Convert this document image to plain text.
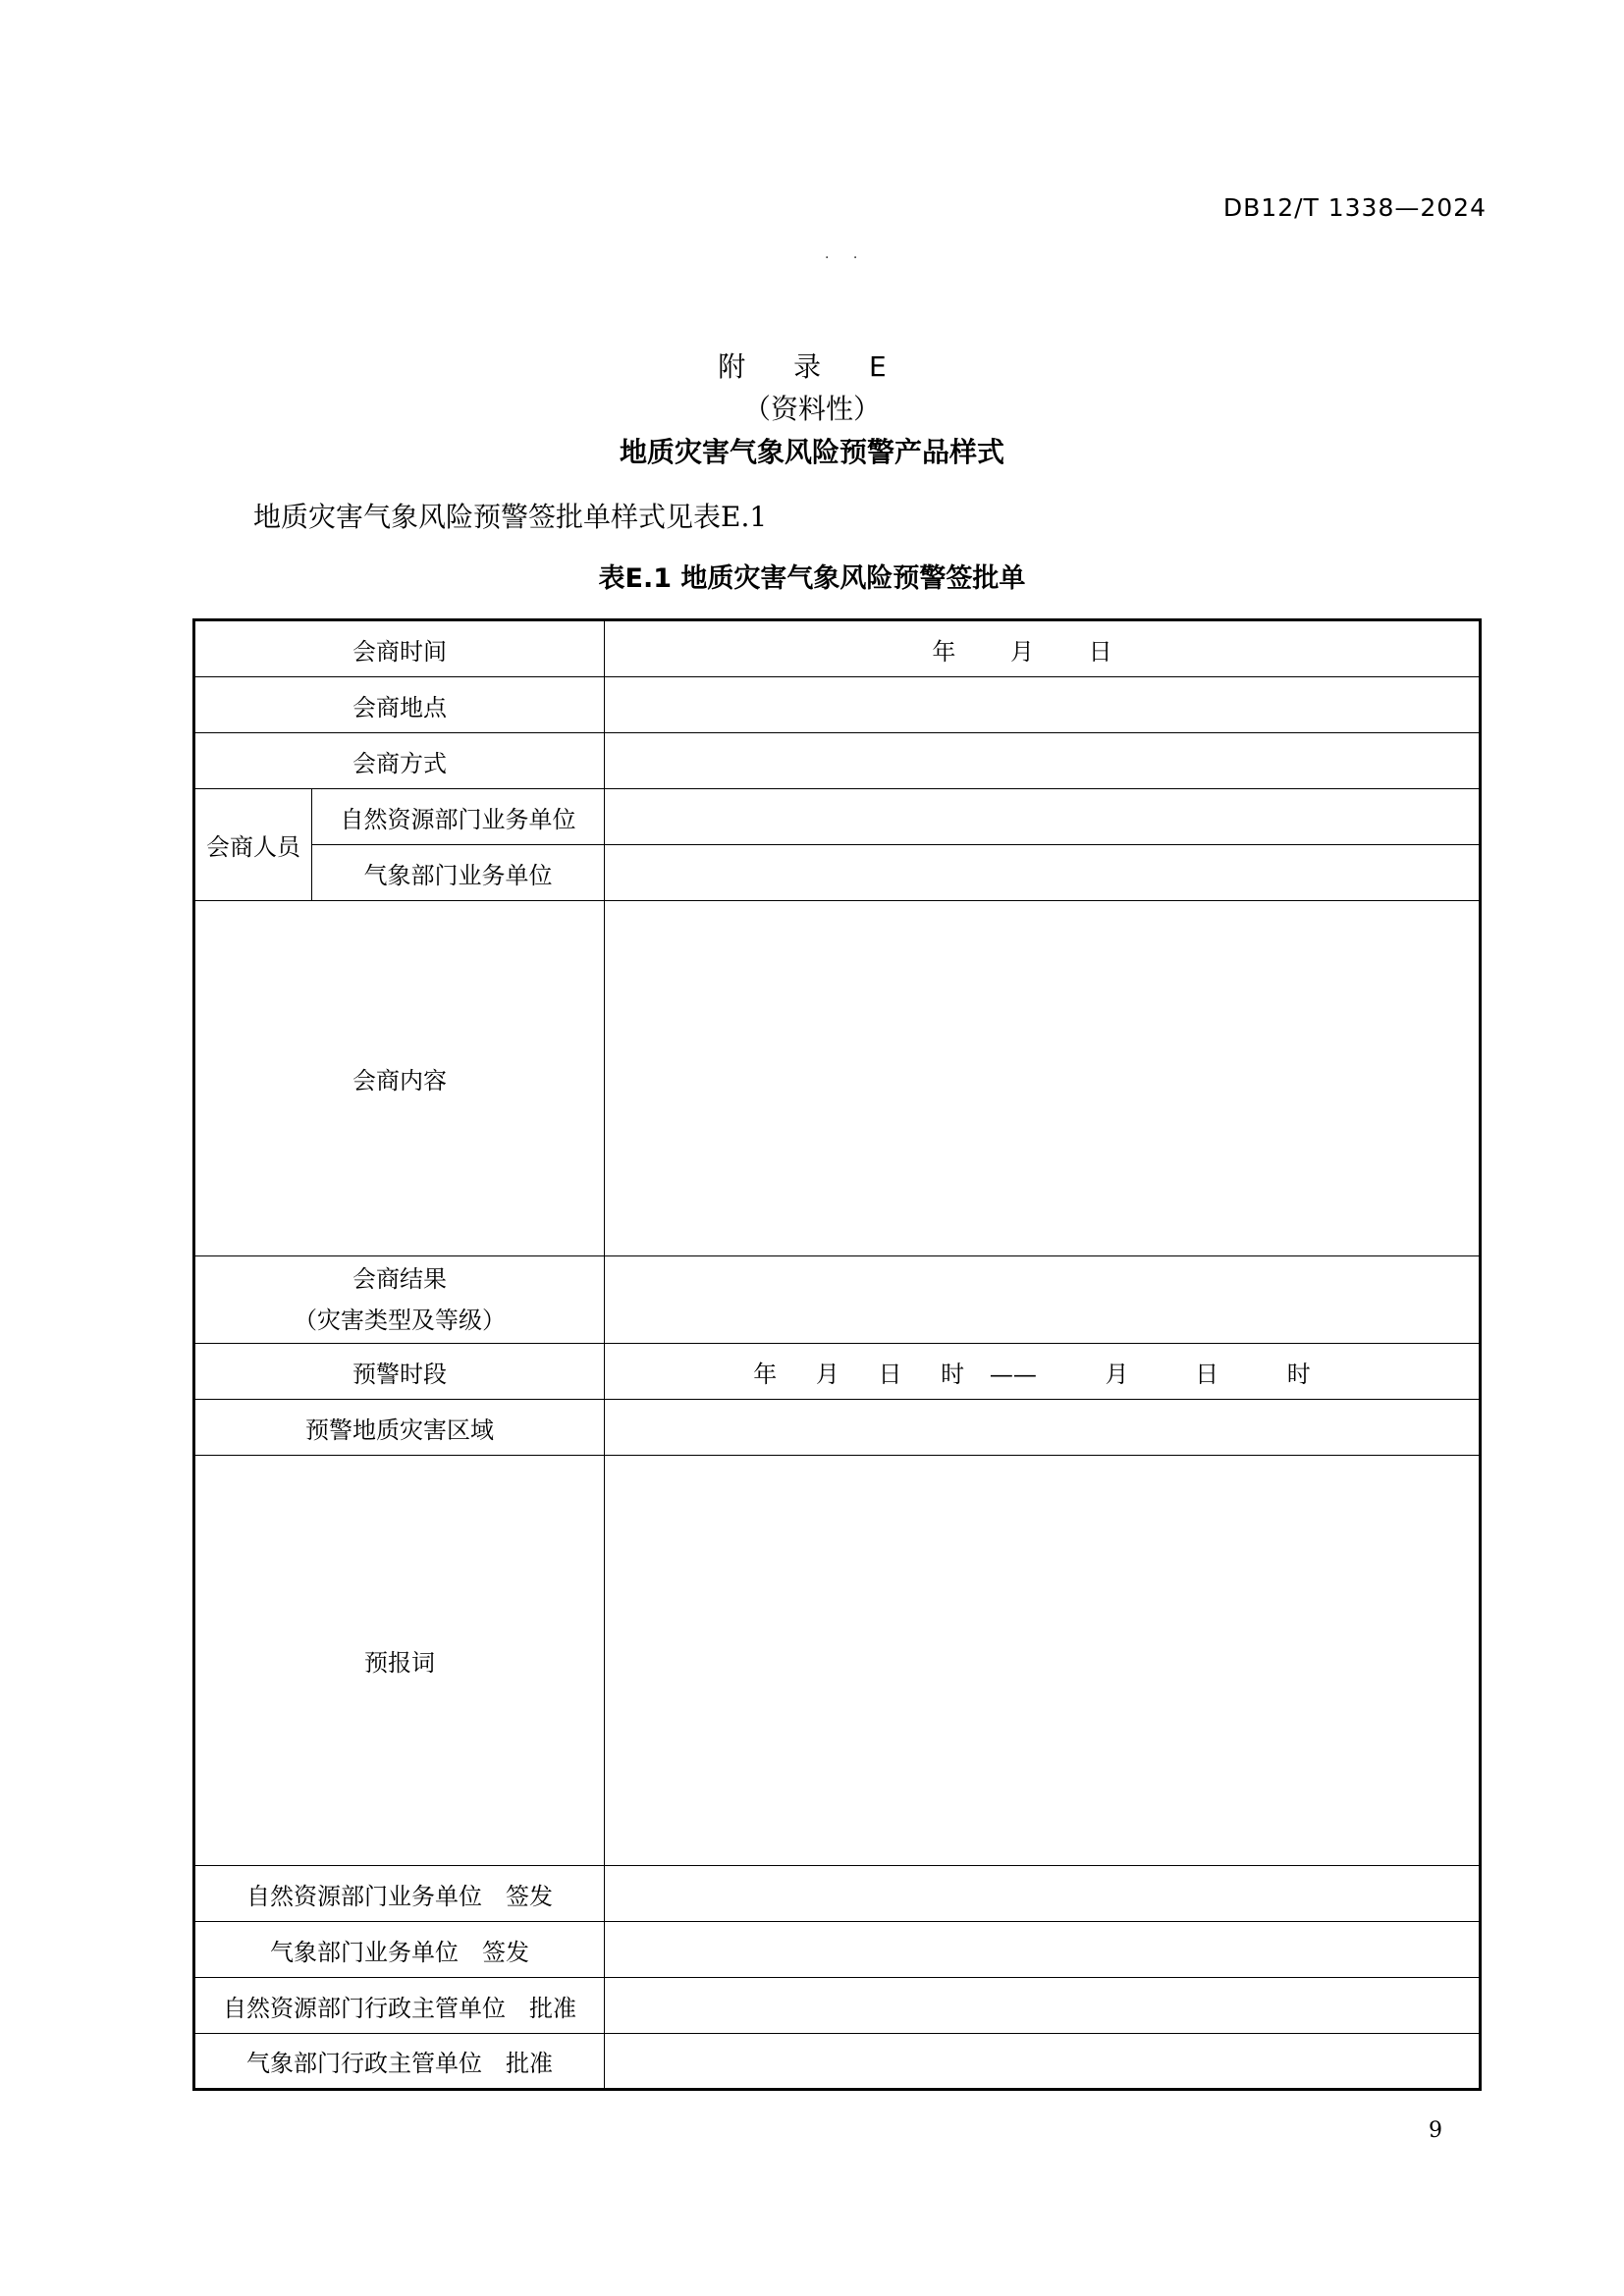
DB12/T 1338—2024
· ·
附 录 E
（资料性）
地质灾害气象风险预警产品样式
地质灾害气象风险预警签批单样式见表E.1
表E.1 地质灾害气象风险预警签批单
会商时间		年 月 日
会商地点		
会商方式		
会商人员	自然资源部门业务单位	
	气象部门业务单位	
会商内容		

会商结果
（灾害类型及等级）		

预警时段		年 月 日 时 —— 月 日 时
预警地质灾害区域		
预报词		
自然资源部门业务单位　签发		
气象部门业务单位　签发		
自然资源部门行政主管单位　批准		
气象部门行政主管单位　批准		
9
